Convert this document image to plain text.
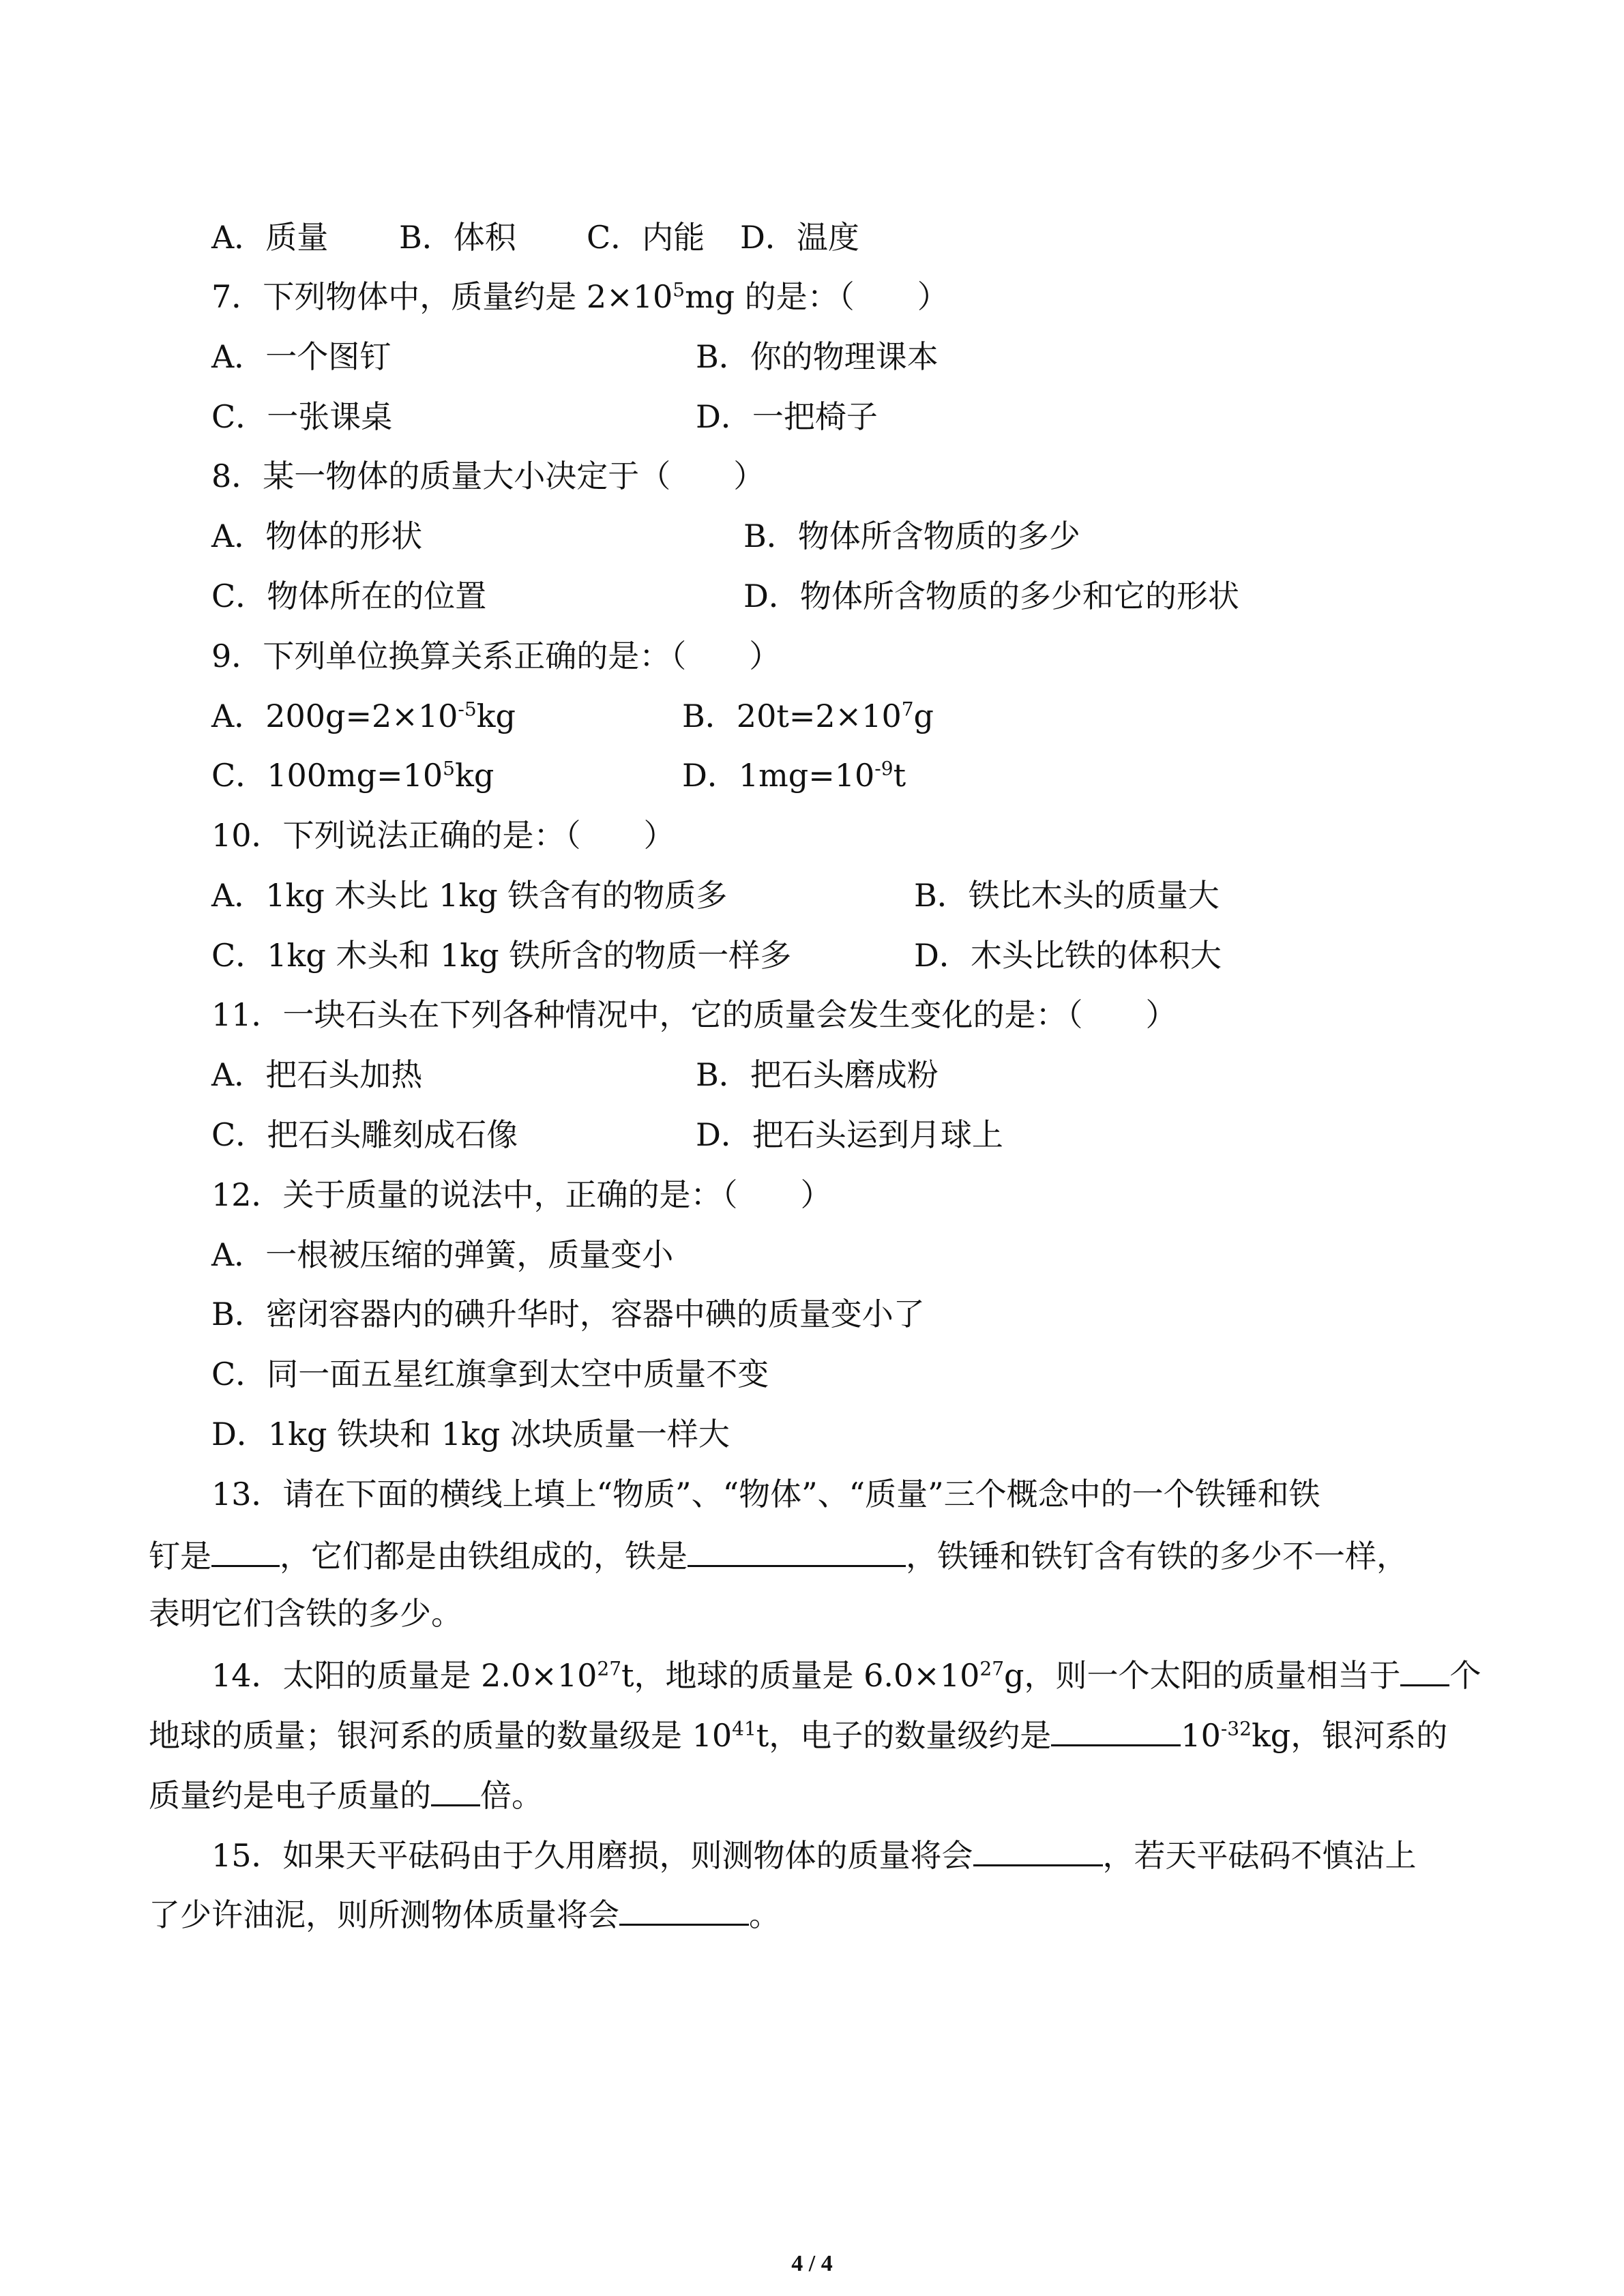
A．质量 B．体积 C．内能 D．温度
7．下列物体中，质量约是 $2\times 10^5mg$ 的是：（　　）
A．一个图钉	B．你的物理课本
C．一张课桌	D．一把椅子
8．某一物体的质量大小决定于（　　）
A．物体的形状	B．物体所含物质的多少
C．物体所在的位置	D．物体所含物质的多少和它的形状
9．下列单位换算关系正确的是：（　　）
A．$200g=2\times 10^{-5}kg$	B．$20t=2\times 10^7g$
C．$100mg=10^5kg$	D．$1mg=10^{-9}t$
10．下列说法正确的是：（　　）
A．1kg 木头比 1kg 铁含有的物质多	B．铁比木头的质量大
C．1kg 木头和 1kg 铁所含的物质一样多	D．木头比铁的体积大
11．一块石头在下列各种情况中，它的质量会发生变化的是：（　　）
A．把石头加热	B．把石头磨成粉
C．把石头雕刻成石像	D．把石头运到月球上
12．关于质量的说法中，正确的是：（　　）
A．一根被压缩的弹簧，质量变小
B．密闭容器内的碘升华时，容器中碘的质量变小了
C．同一面五星红旗拿到太空中质量不变
D．1kg 铁块和 1kg 冰块质量一样大
13．请在下面的横线上填上“物质”、“物体”、“质量”三个概念中的一个铁锤和铁
钉是 ，它们都是由铁组成的，铁是	，铁锤和铁钉含有铁的多少不一样，
表明它们含铁的多少。
14．太阳的质量是 $2.0\times 10^{27}t$，地球的质量是 $6.0\times 10^{27}g$，则一个太阳的质量相当于 个
地球的质量；银河系的质量的数量级是 $10^{41}t$，电子的数量级约是	$10^{-32}kg$，银河系的
质量约是电子质量的 倍。
15．如果天平砝码由于久用磨损，则测物体的质量将会	，若天平砝码不慎沾上
了少许油泥，则所测物体质量将会	。
4 / 4
